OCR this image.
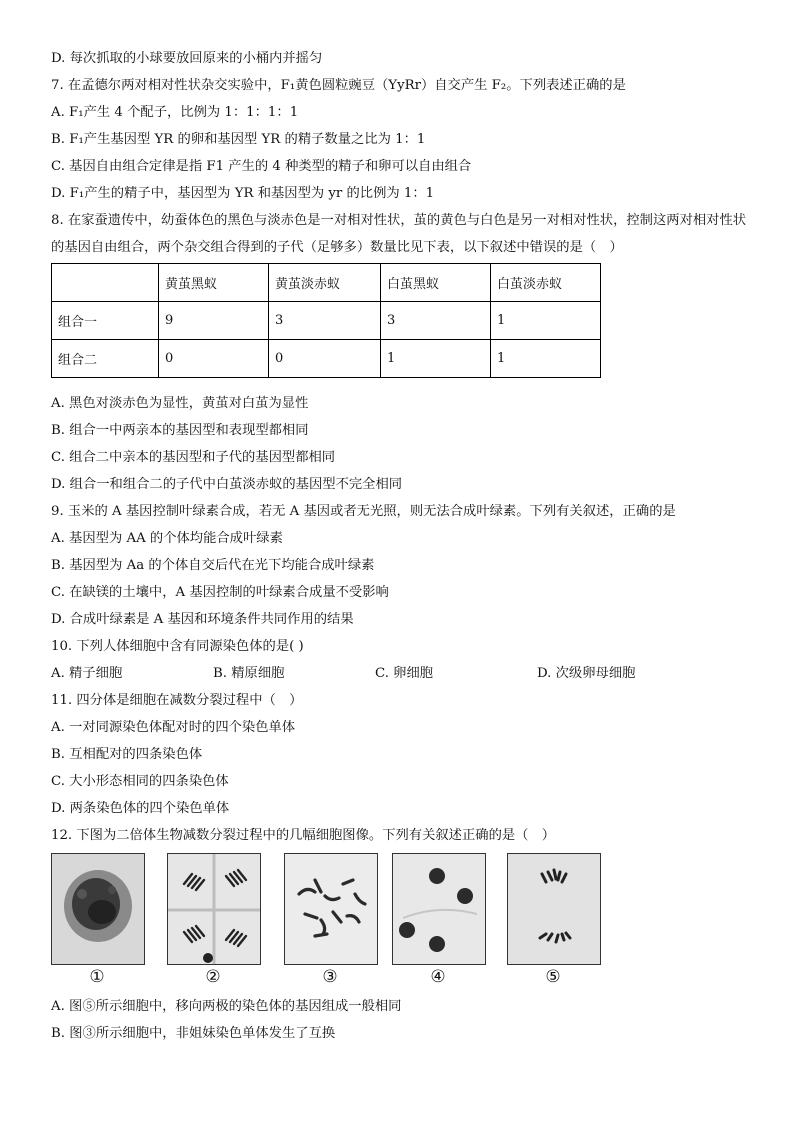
D. 每次抓取的小球要放回原来的小桶内并摇匀
7. 在孟德尔两对相对性状杂交实验中，F₁黄色圆粒豌豆（YyRr）自交产生 F₂。下列表述正确的是
A. F₁产生 4 个配子，比例为 1：1：1：1
B. F₁产生基因型 YR 的卵和基因型 YR 的精子数量之比为 1：1
C. 基因自由组合定律是指 F1 产生的 4 种类型的精子和卵可以自由组合
D. F₁产生的精子中，基因型为 YR 和基因型为 yr 的比例为 1：1
8. 在家蚕遗传中，幼蚕体色的黑色与淡赤色是一对相对性状，茧的黄色与白色是另一对相对性状，控制这两对相对性状的基因自由组合，两个杂交组合得到的子代（足够多）数量比见下表，以下叙述中错误的是（　）
	黄茧黑蚁	黄茧淡赤蚁	白茧黑蚁	白茧淡赤蚁
组合一	9	3	3	1
组合二	0	0	1	1
A. 黑色对淡赤色为显性，黄茧对白茧为显性
B. 组合一中两亲本的基因型和表现型都相同
C. 组合二中亲本的基因型和子代的基因型都相同
D. 组合一和组合二的子代中白茧淡赤蚁的基因型不完全相同
9. 玉米的 A 基因控制叶绿素合成，若无 A 基因或者无光照，则无法合成叶绿素。下列有关叙述，正确的是
A. 基因型为 AA 的个体均能合成叶绿素
B. 基因型为 Aa 的个体自交后代在光下均能合成叶绿素
C. 在缺镁的土壤中，A 基因控制的叶绿素合成量不受影响
D. 合成叶绿素是 A 基因和环境条件共同作用的结果
10. 下列人体细胞中含有同源染色体的是( )
A. 精子细胞	B. 精原细胞	C. 卵细胞	D. 次级卵母细胞
11. 四分体是细胞在减数分裂过程中（　）
A. 一对同源染色体配对时的四个染色单体
B. 互相配对的四条染色体
C. 大小形态相同的四条染色体
D. 两条染色体的四个染色单体
12. 下图为二倍体生物减数分裂过程中的几幅细胞图像。下列有关叙述正确的是（　）
①	②	③	④	⑤
A. 图⑤所示细胞中，移向两极的染色体的基因组成一般相同
B. 图③所示细胞中，非姐妹染色单体发生了互换
